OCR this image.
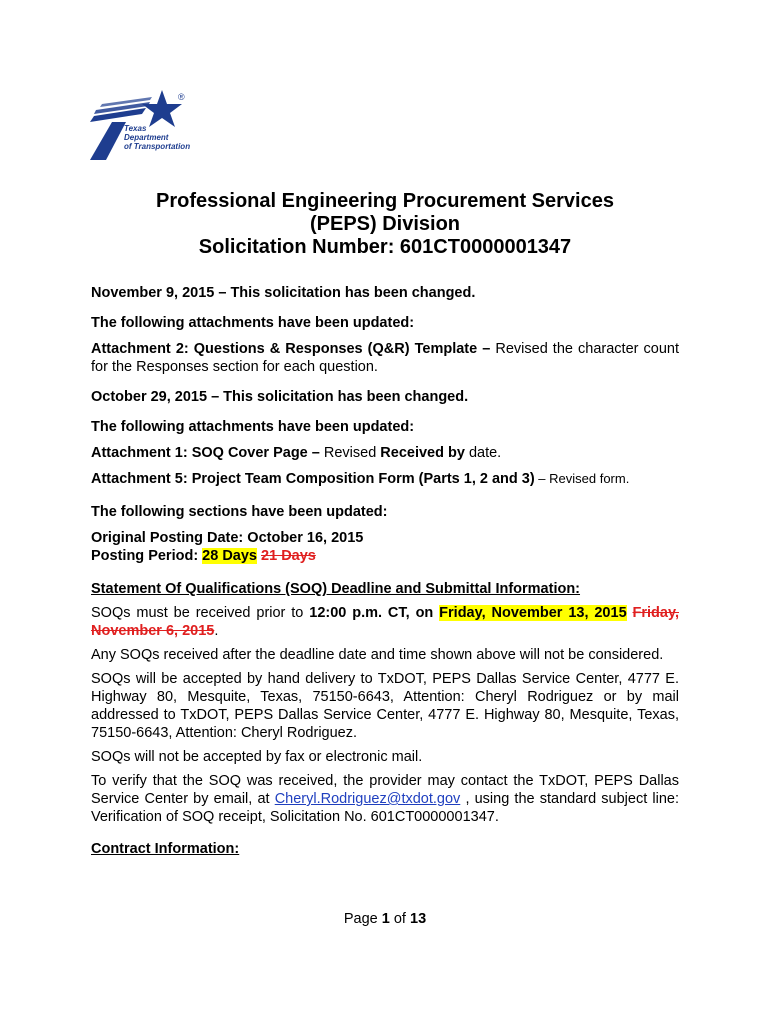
Texas
Department
of Transportation
®
Professional Engineering Procurement Services
(PEPS) Division
Solicitation Number: 601CT0000001347

November 9, 2015 – This solicitation has been changed.

The following attachments have been updated:

Attachment 2: Questions & Responses (Q&R) Template – Revised the character count for the Responses section for each question.

October 29, 2015 – This solicitation has been changed.

The following attachments have been updated:

Attachment 1: SOQ Cover Page – Revised Received by date.

Attachment 5: Project Team Composition Form (Parts 1, 2 and 3) – Revised form.

The following sections have been updated:

Original Posting Date: October 16, 2015

Posting Period: 28 Days 21 Days

Statement Of Qualifications (SOQ) Deadline and Submittal Information:

SOQs must be received prior to 12:00 p.m. CT, on Friday, November 13, 2015 Friday, November 6, 2015.

Any SOQs received after the deadline date and time shown above will not be considered.

SOQs will be accepted by hand delivery to TxDOT, PEPS Dallas Service Center, 4777 E. Highway 80, Mesquite, Texas, 75150-6643, Attention: Cheryl Rodriguez or by mail addressed to TxDOT, PEPS Dallas Service Center, 4777 E. Highway 80, Mesquite, Texas, 75150-6643, Attention: Cheryl Rodriguez.

SOQs will not be accepted by fax or electronic mail.

To verify that the SOQ was received, the provider may contact the TxDOT, PEPS Dallas Service Center by email, at Cheryl.Rodriguez@txdot.gov , using the standard subject line: Verification of SOQ receipt, Solicitation No. 601CT0000001347.

Contract Information:

Page 1 of 13
